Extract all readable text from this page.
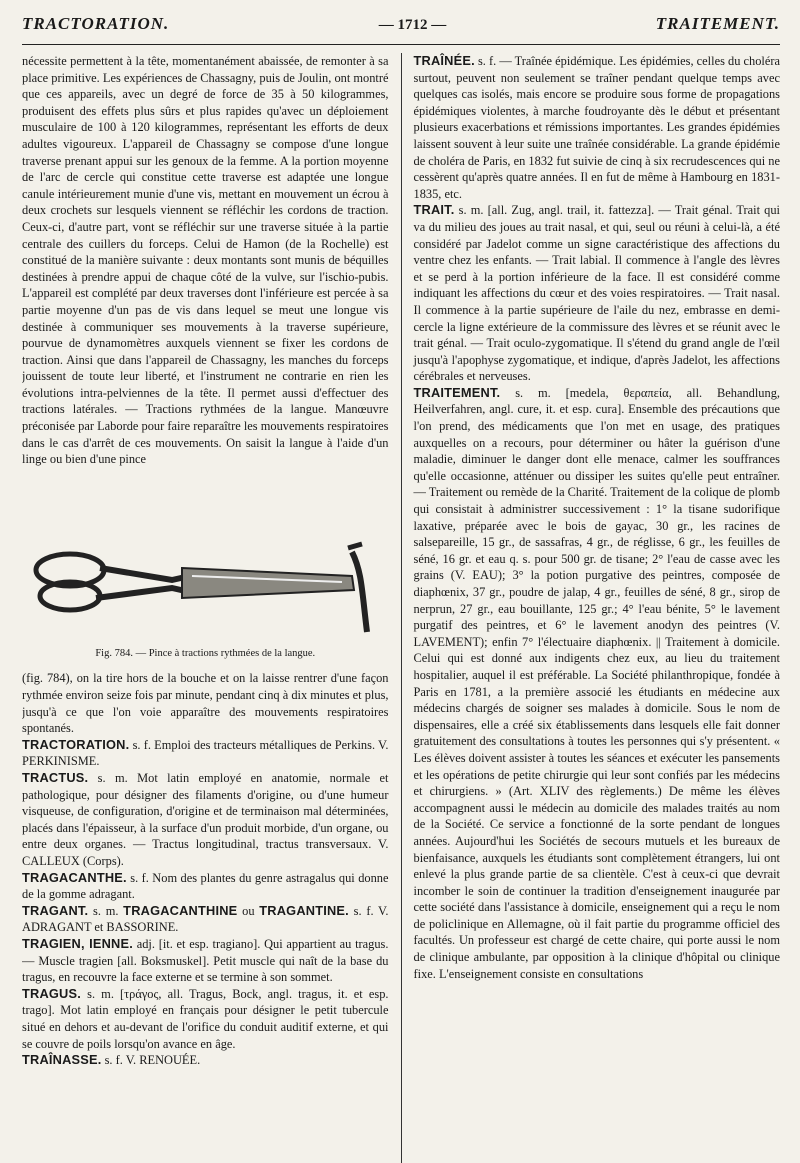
TRACTORATION.	— 1712 —	TRAITEMENT.

nécessite permettent à la tête, momentanément abaissée, de remonter à sa place primitive. Les expériences de Chassagny, puis de Joulin, ont montré que ces appareils, avec un degré de force de 35 à 50 kilogrammes, produisent des effets plus sûrs et plus rapides qu'avec un déploiement musculaire de 100 à 120 kilogrammes, représentant les efforts de deux adultes vigoureux. L'appareil de Chassagny se compose d'une longue traverse prenant appui sur les genoux de la femme. A la portion moyenne de l'arc de cercle qui constitue cette traverse est adaptée une longue canule intérieurement munie d'une vis, mettant en mouvement un écrou à deux crochets sur lesquels viennent se réfléchir les cordons de traction. Ceux-ci, d'autre part, vont se réfléchir sur une traverse située à la partie centrale des cuillers du forceps. Celui de Hamon (de la Rochelle) est constitué de la manière suivante : deux montants sont munis de béquilles destinées à prendre appui de chaque côté de la vulve, sur l'ischio-pubis. L'appareil est complété par deux traverses dont l'inférieure est percée à sa partie moyenne d'un pas de vis dans lequel se meut une longue vis destinée à communiquer ses mouvements à la traverse supérieure, pourvue de dynamomètres auxquels viennent se fixer les cordons de traction. Ainsi que dans l'appareil de Chassagny, les manches du forceps jouissent de toute leur liberté, et l'instrument ne contrarie en rien les évolutions intra-pelviennes de la tête. Il permet aussi d'effectuer des tractions latérales. — Tractions rythmées de la langue. Manœuvre préconisée par Laborde pour faire reparaître les mouvements respiratoires dans le cas d'arrêt de ces mouvements. On saisit la langue à l'aide d'un linge ou bien d'une pince

Fig. 784. — Pince à tractions rythmées de la langue.

(fig. 784), on la tire hors de la bouche et on la laisse rentrer d'une façon rythmée environ seize fois par minute, pendant cinq à dix minutes et plus, jusqu'à ce que l'on voie apparaître des mouvements respiratoires spontanés.

TRACTORATION. s. f. Emploi des tracteurs métalliques de Perkins. V. PERKINISME.

TRACTUS. s. m. Mot latin employé en anatomie, normale et pathologique, pour désigner des filaments d'origine, ou d'une humeur visqueuse, de configuration, d'origine et de terminaison mal déterminées, placés dans l'épaisseur, à la surface d'un produit morbide, d'un organe, ou entre deux organes. — Tractus longitudinal, tractus transversaux. V. CALLEUX (Corps).

TRAGACANTHE. s. f. Nom des plantes du genre astragalus qui donne de la gomme adragant.

TRAGANT. s. m. TRAGACANTHINE ou TRAGANTINE. s. f. V. ADRAGANT et BASSORINE.

TRAGIEN, IENNE. adj. [it. et esp. tragiano]. Qui appartient au tragus. — Muscle tragien [all. Boksmuskel]. Petit muscle qui naît de la base du tragus, en recouvre la face externe et se termine à son sommet.

TRAGUS. s. m. [τράγος, all. Tragus, Bock, angl. tragus, it. et esp. trago]. Mot latin employé en français pour désigner le petit tubercule situé en dehors et au-devant de l'orifice du conduit auditif externe, et qui se couvre de poils lorsqu'on avance en âge.

TRAÎNASSE. s. f. V. RENOUÉE.

TRAÎNÉE. s. f. — Traînée épidémique. Les épidémies, celles du choléra surtout, peuvent non seulement se traîner pendant quelque temps avec quelques cas isolés, mais encore se produire sous forme de propagations épidémiques violentes, à marche foudroyante dès le début et présentant plusieurs exacerbations et rémissions importantes. Les grandes épidémies laissent souvent à leur suite une traînée considérable. La grande épidémie de choléra de Paris, en 1832 fut suivie de cinq à six recrudescences qui ne cessèrent qu'après quatre années. Il en fut de même à Hambourg en 1831-1835, etc.

TRAIT. s. m. [all. Zug, angl. trail, it. fattezza]. — Trait génal. Trait qui va du milieu des joues au trait nasal, et qui, seul ou réuni à celui-là, a été considéré par Jadelot comme un signe caractéristique des affections du ventre chez les enfants. — Trait labial. Il commence à l'angle des lèvres et se perd à la portion inférieure de la face. Il est considéré comme indiquant les affections du cœur et des voies respiratoires. — Trait nasal. Il commence à la partie supérieure de l'aile du nez, embrasse en demi-cercle la ligne extérieure de la commissure des lèvres et se réunit avec le trait génal. — Trait oculo-zygomatique. Il s'étend du grand angle de l'œil jusqu'à l'apophyse zygomatique, et indique, d'après Jadelot, les affections cérébrales et nerveuses.

TRAITEMENT. s. m. [medela, θεραπεία, all. Behandlung, Heilverfahren, angl. cure, it. et esp. cura]. Ensemble des précautions que l'on prend, des médicaments que l'on met en usage, des pratiques auxquelles on a recours, pour déterminer ou hâter la guérison d'une maladie, diminuer le danger dont elle menace, calmer les souffrances qu'elle occasionne, atténuer ou dissiper les suites qu'elle peut entraîner. — Traitement ou remède de la Charité. Traitement de la colique de plomb qui consistait à administrer successivement : 1° la tisane sudorifique laxative, préparée avec le bois de gayac, 30 gr., les racines de salsepareille, 15 gr., de sassafras, 4 gr., de réglisse, 6 gr., les feuilles de séné, 16 gr. et eau q. s. pour 500 gr. de tisane; 2° l'eau de casse avec les grains (V. EAU); 3° la potion purgative des peintres, composée de diaphœnix, 37 gr., poudre de jalap, 4 gr., feuilles de séné, 8 gr., sirop de nerprun, 27 gr., eau bouillante, 125 gr.; 4° l'eau bénite, 5° le lavement purgatif des peintres, et 6° le lavement anodyn des peintres (V. LAVEMENT); enfin 7° l'électuaire diaphœnix. || Traitement à domicile. Celui qui est donné aux indigents chez eux, au lieu du traitement hospitalier, auquel il est préférable. La Société philanthropique, fondée à Paris en 1781, a la première associé les étudiants en médecine aux médecins chargés de soigner ses malades à domicile. Sous le nom de dispensaires, elle a créé six établissements dans lesquels elle fait donner gratuitement des consultations à toutes les personnes qui s'y présentent. « Les élèves doivent assister à toutes les séances et exécuter les pansements et les opérations de petite chirurgie qui leur sont confiés par les médecins et chirurgiens. » (Art. XLIV des règlements.) De même les élèves accompagnent aussi le médecin au domicile des malades traités au nom de la Société. Ce service a fonctionné de la sorte pendant de longues années. Aujourd'hui les Sociétés de secours mutuels et les bureaux de bienfaisance, auxquels les étudiants sont complètement étrangers, lui ont enlevé la plus grande partie de sa clientèle. C'est à ceux-ci que devrait incomber le soin de continuer la tradition d'enseignement inaugurée par cette société dans l'assistance à domicile, enseignement qui a reçu le nom de policlinique en Allemagne, où il fait partie du programme officiel des facultés. Un professeur est chargé de cette chaire, qui porte aussi le nom de clinique ambulante, par opposition à la clinique d'hôpital ou clinique fixe. L'enseignement consiste en consultations
